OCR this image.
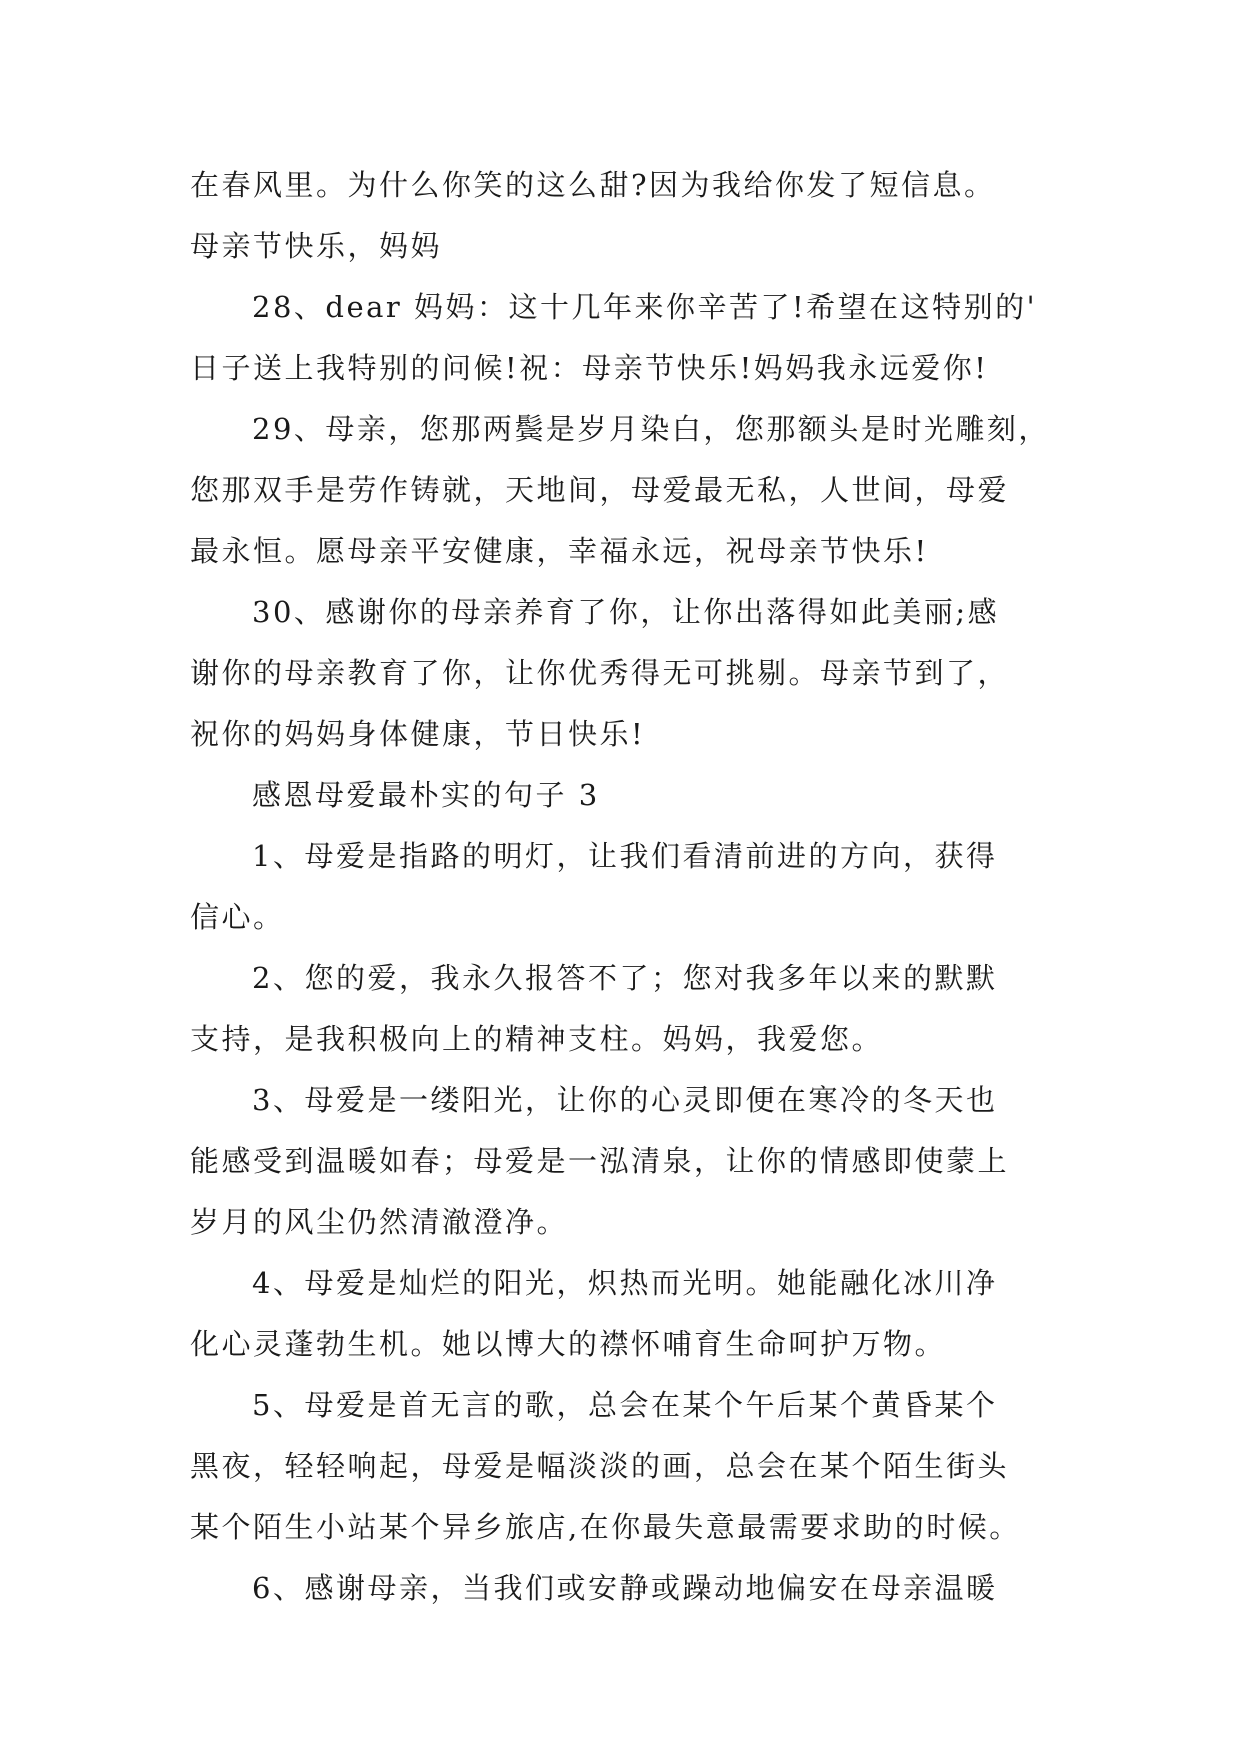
在春风里。为什么你笑的这么甜?因为我给你发了短信息。
母亲节快乐，妈妈
28、dear 妈妈：这十几年来你辛苦了!希望在这特别的'
日子送上我特别的问候!祝：母亲节快乐!妈妈我永远爱你!
29、母亲，您那两鬓是岁月染白，您那额头是时光雕刻，
您那双手是劳作铸就，天地间，母爱最无私，人世间，母爱
最永恒。愿母亲平安健康，幸福永远，祝母亲节快乐!
30、感谢你的母亲养育了你，让你出落得如此美丽;感
谢你的母亲教育了你，让你优秀得无可挑剔。母亲节到了，
祝你的妈妈身体健康，节日快乐!
感恩母爱最朴实的句子 3
1、母爱是指路的明灯，让我们看清前进的方向，获得
信心。
2、您的爱，我永久报答不了；您对我多年以来的默默
支持，是我积极向上的精神支柱。妈妈，我爱您。
3、母爱是一缕阳光，让你的心灵即便在寒冷的冬天也
能感受到温暖如春；母爱是一泓清泉，让你的情感即使蒙上
岁月的风尘仍然清澈澄净。
4、母爱是灿烂的阳光，炽热而光明。她能融化冰川净
化心灵蓬勃生机。她以博大的襟怀哺育生命呵护万物。
5、母爱是首无言的歌，总会在某个午后某个黄昏某个
黑夜，轻轻响起，母爱是幅淡淡的画，总会在某个陌生街头
某个陌生小站某个异乡旅店,在你最失意最需要求助的时候。
6、感谢母亲，当我们或安静或躁动地偏安在母亲温暖
